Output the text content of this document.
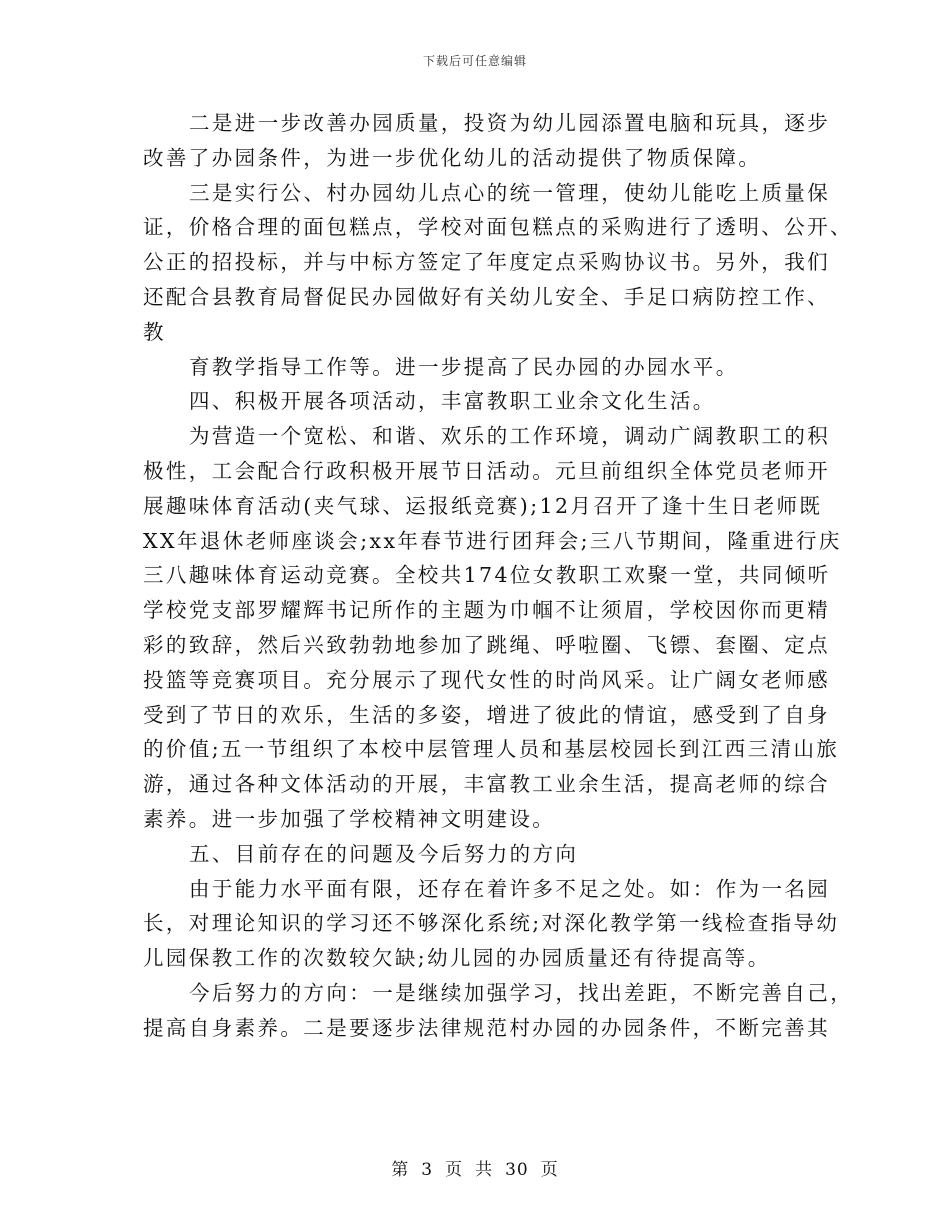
下载后可任意编辑
二是进一步改善办园质量，投资为幼儿园添置电脑和玩具，逐步
改善了办园条件，为进一步优化幼儿的活动提供了物质保障。
三是实行公、村办园幼儿点心的统一管理，使幼儿能吃上质量保
证，价格合理的面包糕点，学校对面包糕点的采购进行了透明、公开、
公正的招投标，并与中标方签定了年度定点采购协议书。另外，我们
还配合县教育局督促民办园做好有关幼儿安全、手足口病防控工作、
教
育教学指导工作等。进一步提高了民办园的办园水平。
四、积极开展各项活动，丰富教职工业余文化生活。
为营造一个宽松、和谐、欢乐的工作环境，调动广阔教职工的积
极性，工会配合行政积极开展节日活动。元旦前组织全体党员老师开
展趣味体育活动(夹气球、运报纸竞赛);12月召开了逢十生日老师既
XX年退休老师座谈会;xx年春节进行团拜会;三八节期间，隆重进行庆
三八趣味体育运动竞赛。全校共174位女教职工欢聚一堂，共同倾听
学校党支部罗耀辉书记所作的主题为巾帼不让须眉，学校因你而更精
彩的致辞，然后兴致勃勃地参加了跳绳、呼啦圈、飞镖、套圈、定点
投篮等竞赛项目。充分展示了现代女性的时尚风采。让广阔女老师感
受到了节日的欢乐，生活的多姿，增进了彼此的情谊，感受到了自身
的价值;五一节组织了本校中层管理人员和基层校园长到江西三清山旅
游，通过各种文体活动的开展，丰富教工业余生活，提高老师的综合
素养。进一步加强了学校精神文明建设。
五、目前存在的问题及今后努力的方向
由于能力水平面有限，还存在着许多不足之处。如：作为一名园
长，对理论知识的学习还不够深化系统;对深化教学第一线检查指导幼
儿园保教工作的次数较欠缺;幼儿园的办园质量还有待提高等。
今后努力的方向：一是继续加强学习，找出差距，不断完善自己，
提高自身素养。二是要逐步法律规范村办园的办园条件，不断完善其
第 3 页 共 30 页
